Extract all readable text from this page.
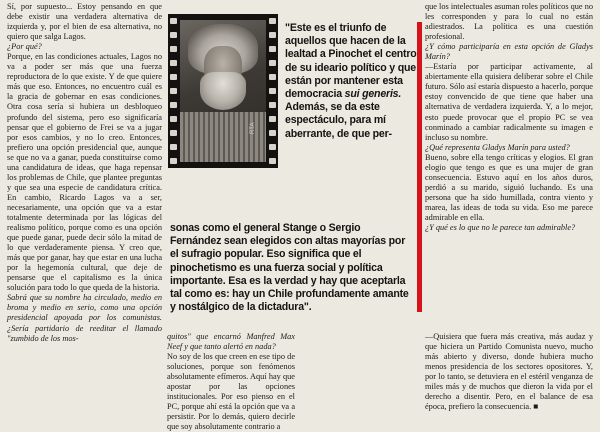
Sí, por supuesto... Estoy pensando en que debe existir una verdadera alternativa de izquierda y, por el bien de esa alternativa, no quiero que salga Lagos.

¿Por qué?

Porque, en las condiciones actuales, Lagos no va a poder ser más que una fuerza reproductora de lo que existe. Y de que quiere más que eso. Entonces, no encuentro cuál es la gracia de gobernar en esas condiciones. Otra cosa sería si hubiera un desbloqueo profundo del sistema, pero eso significaría pensar que el gobierno de Frei se va a jugar por esos cambios, y no lo creo. Entonces, prefiero una opción presidencial que, aunque se que no va a ganar, pueda constituirse como una candidatura de ideas, que haga repensar los problemas de Chile, que plantee preguntas y que sea una especie de candidatura crítica. En cambio, Ricardo Lagos va a ser, necesariamente, una opción que va a estar totalmente determinada por las lógicas del realismo político, porque como es una opción que puede ganar, puede decir sólo la mitad de lo que verdaderamente piensa. Y creo que, más que por ganar, hay que estar en una lucha por la hegemonía cultural, que deje de pensarse que el capitalismo es la única solución para todo lo que queda de la historia.

Sabrá que su nombre ha circulado, medio en broma y medio en serio, como una opción presidencial apoyada por los comunistas. ¿Sería partidario de reeditar el llamado "zumbido de los mos-

RTA
"Este es el triunfo de aquellos que hacen de la lealtad a Pinochet el centro de su ideario político y que están por mantener esta democracia sui generis. Además, se da este espectáculo, para mí aberrante, de que per-
sonas como el general Stange o Sergio Fernández sean elegidos con altas mayorías por el sufragio popular. Eso significa que el pinochetismo es una fuerza social y política importante. Esa es la verdad y hay que aceptarla tal como es: hay un Chile profundamente amante y nostálgico de la dictadura".

que los intelectuales asuman roles políticos que no les corresponden y para lo cual no están adiestrados. La política es una cuestión profesional.

¿Y cómo participaría en esta opción de Gladys Marín?

—Estaría por participar activamente, al abiertamente ella quisiera deliberar sobre el Chile futuro. Sólo así estaría dispuesto a hacerlo, porque estoy convencido de que tiene que haber una alternativa de verdadera izquierda. Y, a lo mejor, esto puede provocar que el propio PC se vea conminado a cambiar radicalmente su imagen e incluso su nombre.

¿Qué representa Gladys Marín para usted?

Bueno, sobre ella tengo críticas y elogios. El gran elogio que tengo es que es una mujer de gran consecuencia. Estuvo aquí en los años duros, perdió a su marido, siguió luchando. Es una persona que ha sido humillada, contra viento y marea, las ideas de toda su vida. Eso me parece admirable en ella.

¿Y qué es lo que no le parece tan admirable?

quitos" que encarnó Manfred Max Neef y que tanto alertó en nada?

No soy de los que creen en ese tipo de soluciones, porque son fenómenos absolutamente efímeros. Aquí hay que apostar por las opciones institucionales. Por eso pienso en el PC, porque ahí está la opción que va a persistir. Por lo demás, quiero decirle que soy absolutamente contrario a

—Quisiera que fuera más creativa, más audaz y que hiciera un Partido Comunista nuevo, mucho más abierto y diverso, donde hubiera mucho menos presidencia de los sectores opositores. Y, por lo tanto, se detuviera en el estéril venganza de miles más y de muchos que dieron la vida por el derecho a disentir. Pero, en el balance de esa época, prefiero la consecuencia. ■
